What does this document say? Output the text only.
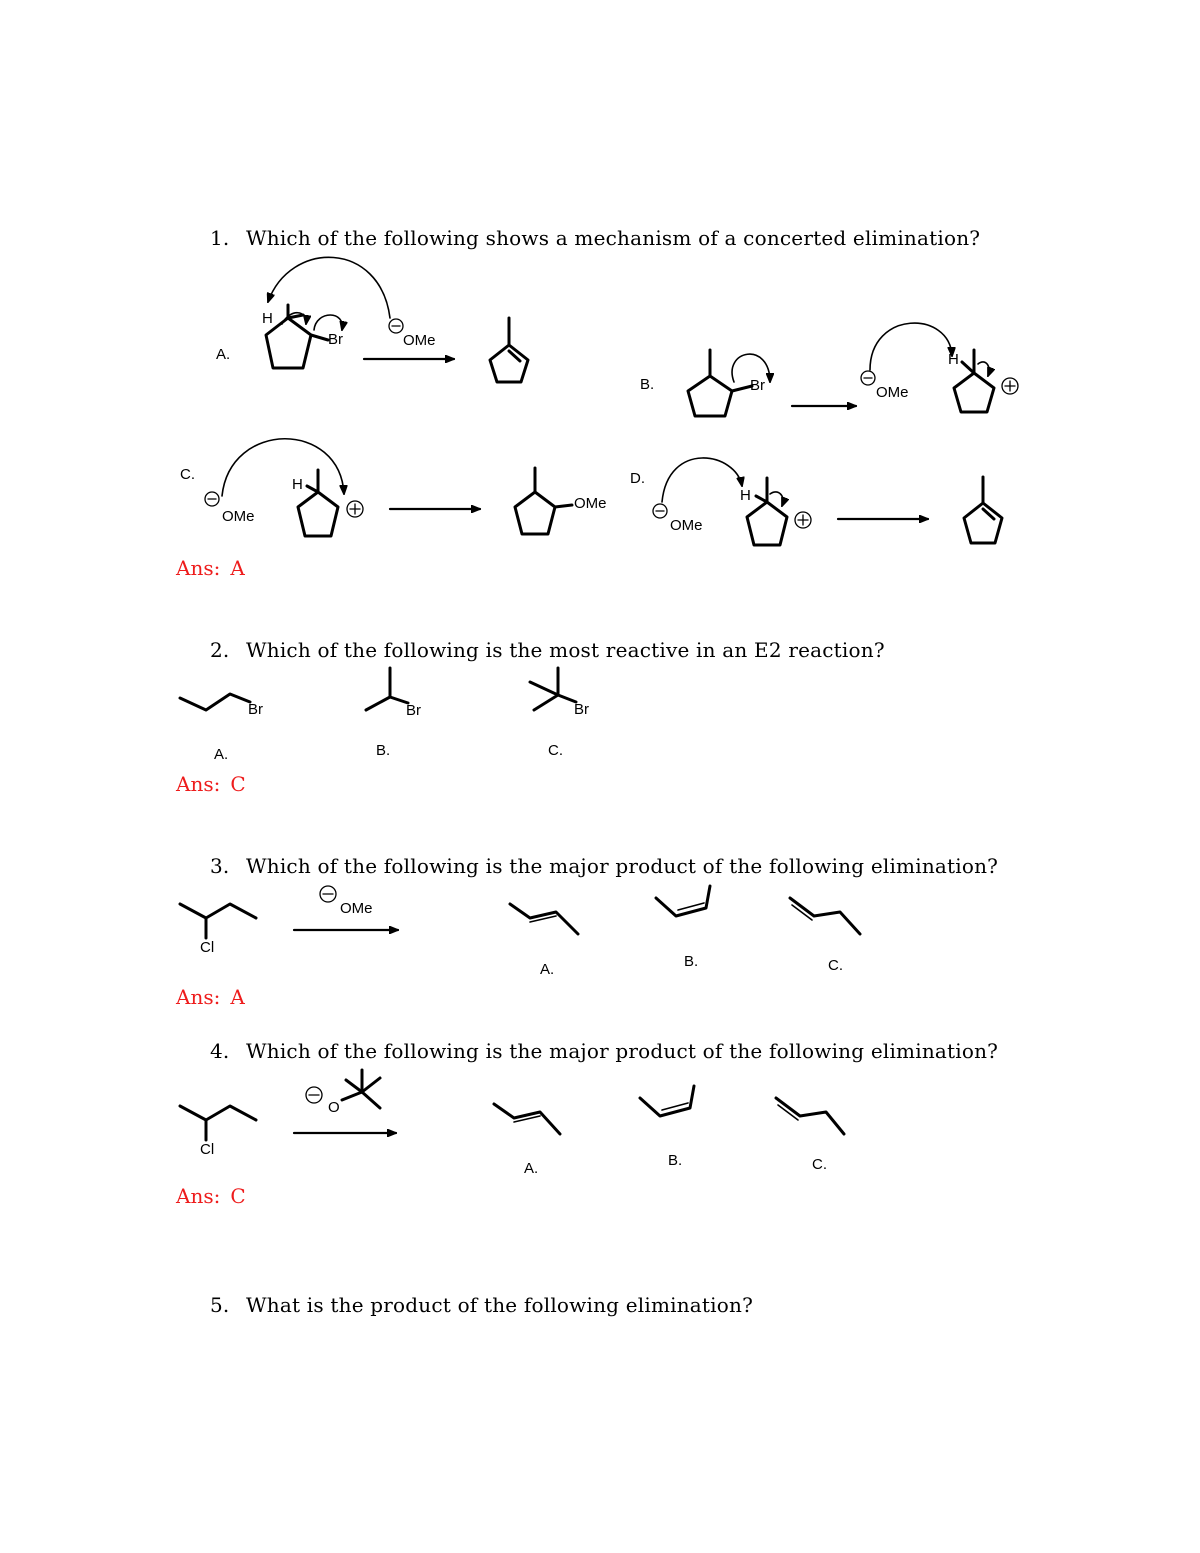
1. Which of the following shows a mechanism of a concerted elimination?
A.
B.
C.	D.
H
Br	OMe
Br	OMe
H
OMe
H
OMe
OMe
H
Ans: A
2. Which of the following is the most reactive in an E2 reaction?
Br	Br	Br
A.	B.	C.
Ans: C
3. Which of the following is the major product of the following elimination?
Cl
OMe
A.	B.	C.
Ans: A
4. Which of the following is the major product of the following elimination?
Cl
O
A.	B.	C.
Ans: C
5. What is the product of the following elimination?
